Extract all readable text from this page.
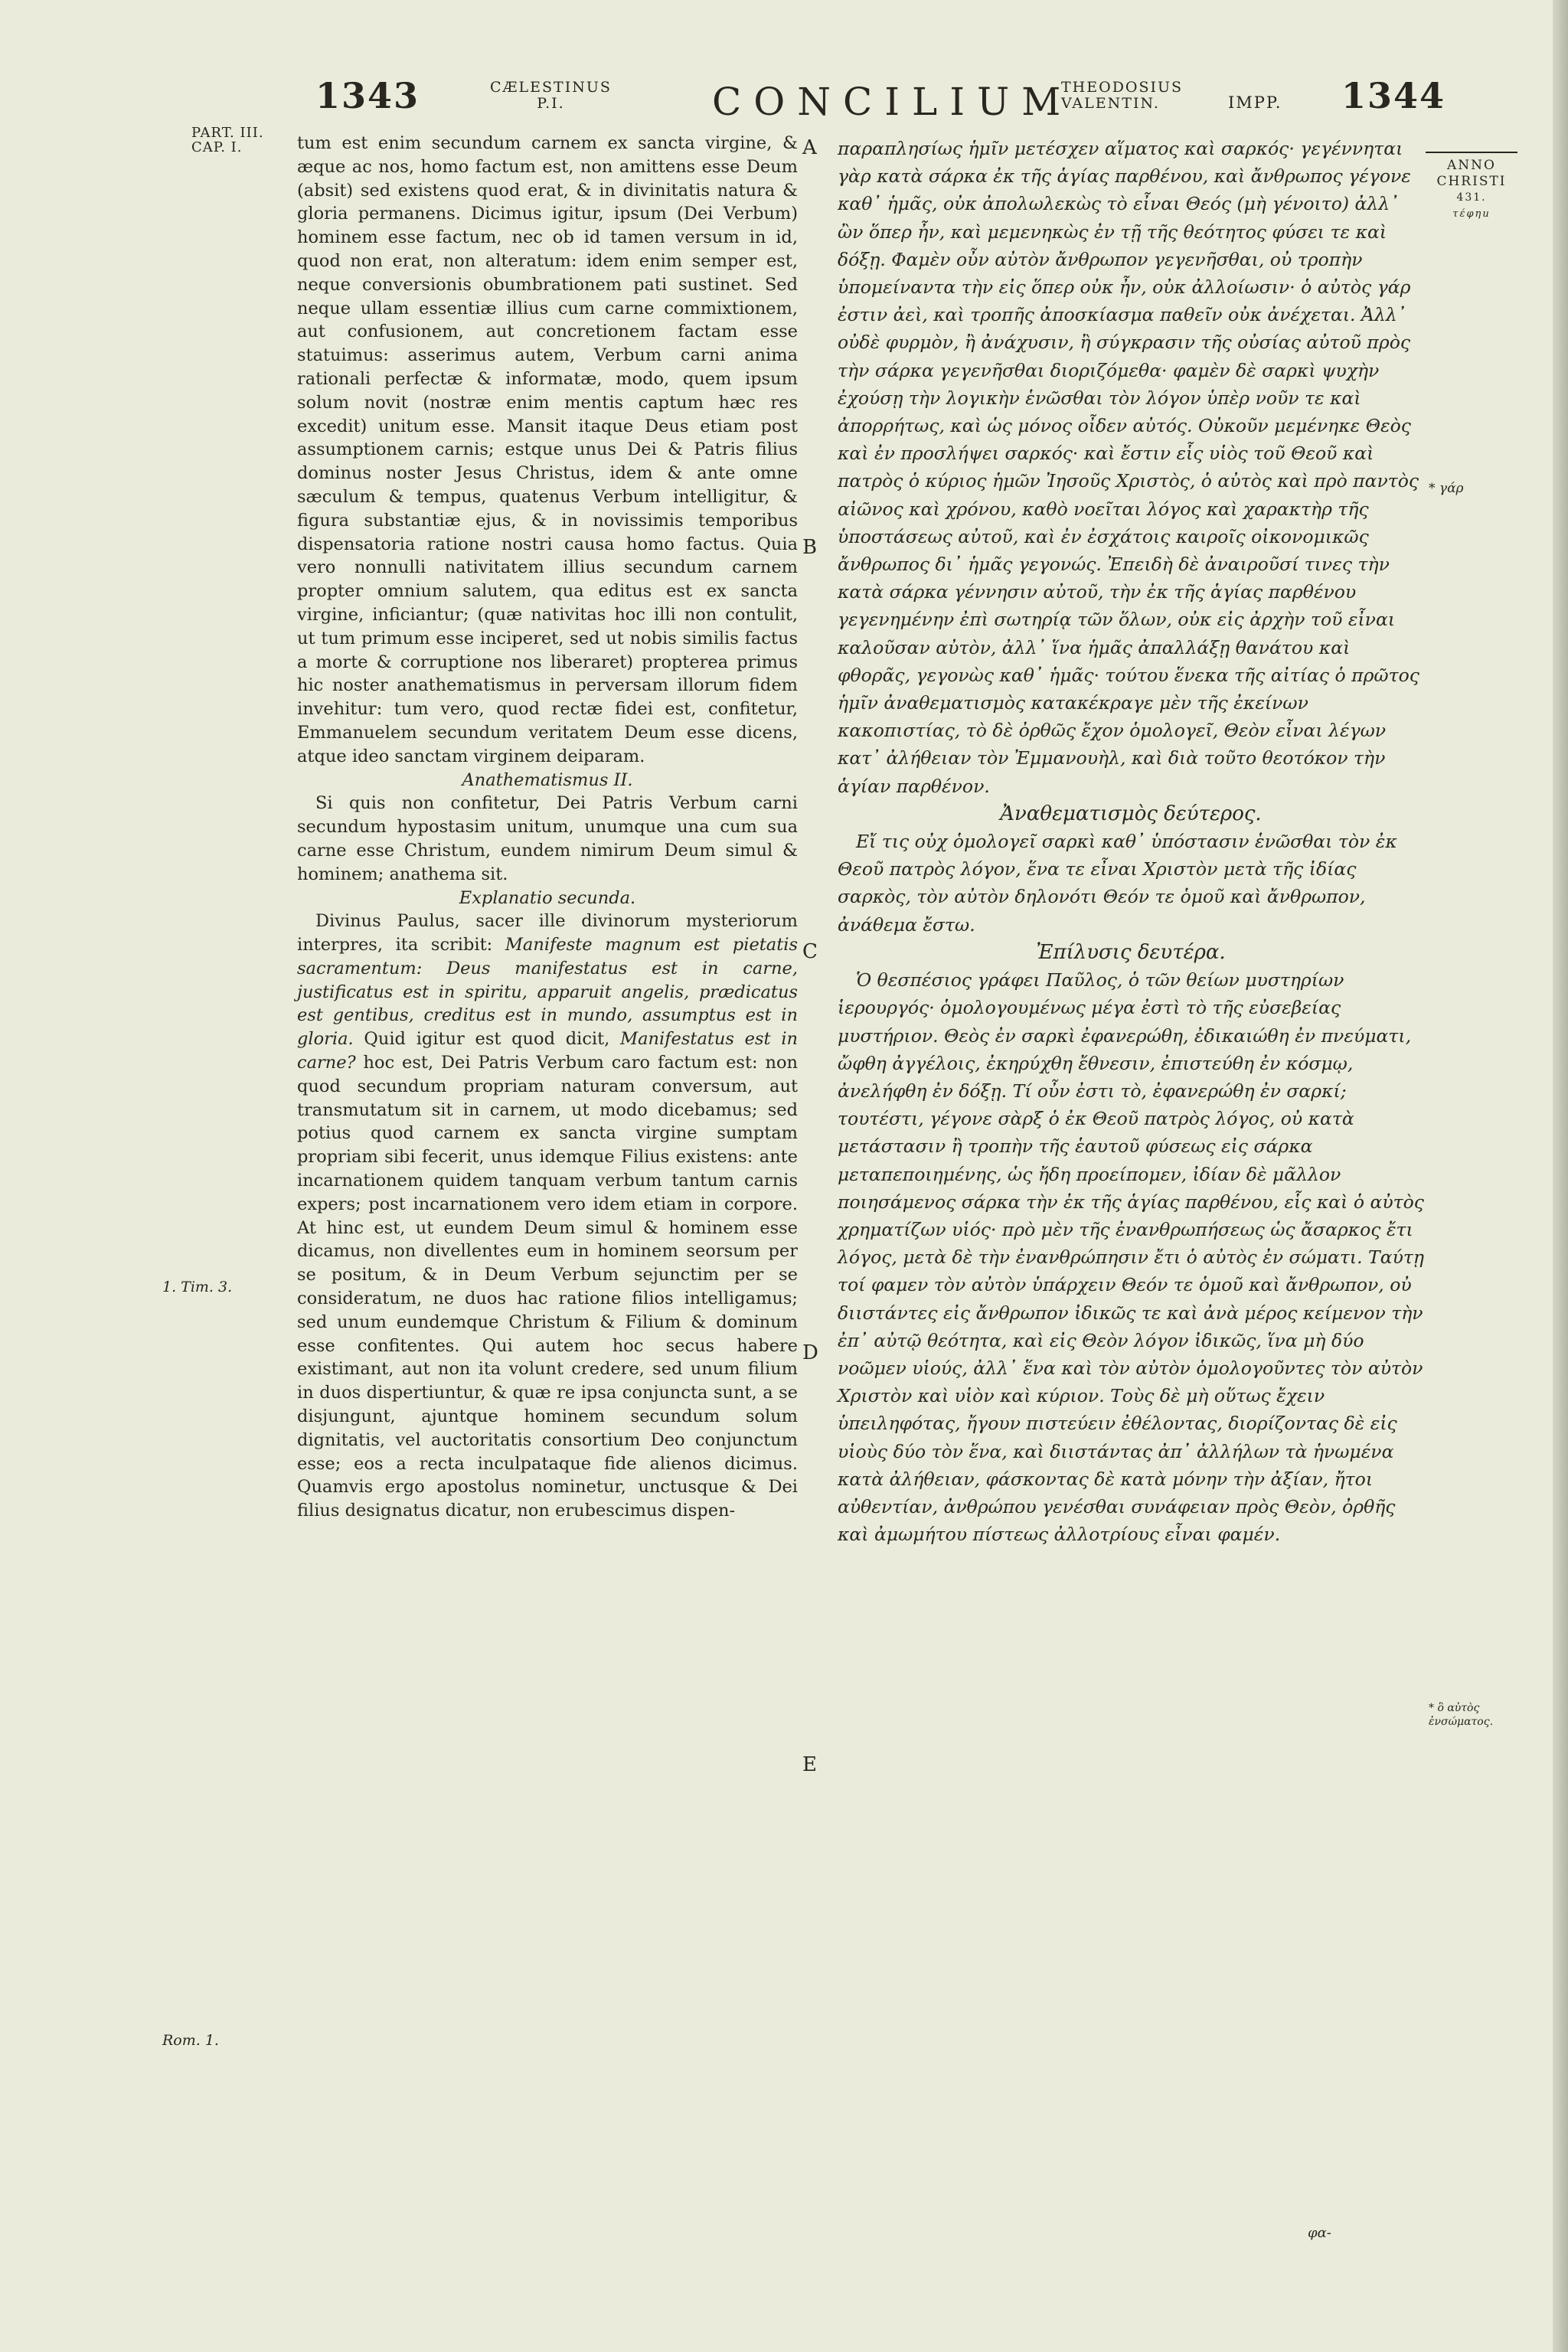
1343	CÆLESTINUS
P.I.	CONCILIUM
THEODOSIUS
VALENTIN.	IMPP. 1344
PART. III.
CAP. I.
1. Tim. 3.
Rom. 1.
ANNO
CHRISTI
431.
τέφηu
* γάρ
* ὃ αὐτὸς ἐνσώματος.
A
B
C
D
E

tum est enim secundum carnem ex sancta virgine, & æque ac nos, homo factum est, non amittens esse Deum (absit) sed existens quod erat, & in divinitatis natura & gloria permanens. Dicimus igitur, ipsum (Dei Verbum) hominem esse factum, nec ob id tamen versum in id, quod non erat, non alteratum: idem enim semper est, neque conversionis obumbrationem pati sustinet. Sed neque ullam essentiæ illius cum carne commixtionem, aut confusionem, aut concretionem factam esse statuimus: asserimus autem, Verbum carni anima rationali perfectæ & informatæ, modo, quem ipsum solum novit (nostræ enim mentis captum hæc res excedit) unitum esse. Mansit itaque Deus etiam post assumptionem carnis; estque unus Dei & Patris filius dominus noster Jesus Christus, idem & ante omne sæculum & tempus, quatenus Verbum intelligitur, & figura substantiæ ejus, & in novissimis temporibus dispensatoria ratione nostri causa homo factus. Quia vero nonnulli nativitatem illius secundum carnem propter omnium salutem, qua editus est ex sancta virgine, inficiantur; (quæ nativitas hoc illi non contulit, ut tum primum esse inciperet, sed ut nobis similis factus a morte & corruptione nos liberaret) propterea primus hic noster anathematismus in perversam illorum fidem invehitur: tum vero, quod rectæ fidei est, confitetur, Emmanuelem secundum veritatem Deum esse dicens, atque ideo sanctam virginem deiparam.

Anathematismus II.

Si quis non confitetur, Dei Patris Verbum carni secundum hypostasim unitum, unumque una cum sua carne esse Christum, eundem nimirum Deum simul & hominem; anathema sit.

Explanatio secunda.

Divinus Paulus, sacer ille divinorum mysteriorum interpres, ita scribit: Manifeste magnum est pietatis sacramentum: Deus manifestatus est in carne, justificatus est in spiritu, apparuit angelis, prædicatus est gentibus, creditus est in mundo, assumptus est in gloria. Quid igitur est quod dicit, Manifestatus est in carne? hoc est, Dei Patris Verbum caro factum est: non quod secundum propriam naturam conversum, aut transmutatum sit in carnem, ut modo dicebamus; sed potius quod carnem ex sancta virgine sumptam propriam sibi fecerit, unus idemque Filius existens: ante incarnationem quidem tanquam verbum tantum carnis expers; post incarnationem vero idem etiam in corpore. At hinc est, ut eundem Deum simul & hominem esse dicamus, non divellentes eum in hominem seorsum per se positum, & in Deum Verbum sejunctim per se consideratum, ne duos hac ratione filios intelligamus; sed unum eundemque Christum & Filium & dominum esse confitentes. Qui autem hoc secus habere existimant, aut non ita volunt credere, sed unum filium in duos dispertiuntur, & quæ re ipsa conjuncta sunt, a se disjungunt, ajuntque hominem secundum solum dignitatis, vel auctoritatis consortium Deo conjunctum esse; eos a recta inculpataque fide alienos dicimus. Quamvis ergo apostolus nominetur, unctusque & Dei filius designatus dicatur, non erubescimus dispen-

παραπλησίως ἡμῖν μετέσχεν αἵματος καὶ σαρκός· γεγέννηται γὰρ κατὰ σάρκα ἐκ τῆς ἁγίας παρθένου, καὶ ἄνθρωπος γέγονε καθ᾽ ἡμᾶς, οὐκ ἀπολωλεκὼς τὸ εἶναι Θεός (μὴ γένοιτο) ἀλλ᾽ ὢν ὅπερ ἦν, καὶ μεμενηκὼς ἐν τῇ τῆς θεότητος φύσει τε καὶ δόξῃ. Φαμὲν οὖν αὐτὸν ἄνθρωπον γεγενῆσθαι, οὐ τροπὴν ὑπομείναντα τὴν εἰς ὅπερ οὐκ ἦν, οὐκ ἀλλοίωσιν· ὁ αὐτὸς γάρ ἐστιν ἀεὶ, καὶ τροπῆς ἀποσκίασμα παθεῖν οὐκ ἀνέχεται. Ἀλλ᾽ οὐδὲ φυρμὸν, ἢ ἀνάχυσιν, ἢ σύγκρασιν τῆς οὐσίας αὐτοῦ πρὸς τὴν σάρκα γεγενῆσθαι διοριζόμεθα· φαμὲν δὲ σαρκὶ ψυχὴν ἐχούσῃ τὴν λογικὴν ἑνῶσθαι τὸν λόγον ὑπὲρ νοῦν τε καὶ ἀπορρήτως, καὶ ὡς μόνος οἶδεν αὐτός. Οὐκοῦν μεμένηκε Θεὸς καὶ ἐν προσλήψει σαρκός· καὶ ἔστιν εἷς υἱὸς τοῦ Θεοῦ καὶ πατρὸς ὁ κύριος ἡμῶν Ἰησοῦς Χριστὸς, ὁ αὐτὸς καὶ πρὸ παντὸς αἰῶνος καὶ χρόνου, καθὸ νοεῖται λόγος καὶ χαρακτὴρ τῆς ὑποστάσεως αὐτοῦ, καὶ ἐν ἐσχάτοις καιροῖς οἰκονομικῶς ἄνθρωπος δι᾽ ἡμᾶς γεγονώς. Ἐπειδὴ δὲ ἀναιροῦσί τινες τὴν κατὰ σάρκα γέννησιν αὐτοῦ, τὴν ἐκ τῆς ἁγίας παρθένου γεγενημένην ἐπὶ σωτηρίᾳ τῶν ὅλων, οὐκ εἰς ἀρχὴν τοῦ εἶναι καλοῦσαν αὐτὸν, ἀλλ᾽ ἵνα ἡμᾶς ἀπαλλάξῃ θανάτου καὶ φθορᾶς, γεγονὼς καθ᾽ ἡμᾶς· τούτου ἕνεκα τῆς αἰτίας ὁ πρῶτος ἡμῖν ἀναθεματισμὸς κατακέκραγε μὲν τῆς ἐκείνων κακοπιστίας, τὸ δὲ ὀρθῶς ἔχον ὁμολογεῖ, Θεὸν εἶναι λέγων κατ᾽ ἀλήθειαν τὸν Ἐμμανουὴλ, καὶ διὰ τοῦτο θεοτόκον τὴν ἁγίαν παρθένον.

Ἀναθεματισμὸς δεύτερος.

Εἴ τις οὐχ ὁμολογεῖ σαρκὶ καθ᾽ ὑπόστασιν ἑνῶσθαι τὸν ἐκ Θεοῦ πατρὸς λόγον, ἕνα τε εἶναι Χριστὸν μετὰ τῆς ἰδίας σαρκὸς, τὸν αὐτὸν δηλονότι Θεόν τε ὁμοῦ καὶ ἄνθρωπον, ἀνάθεμα ἔστω.

Ἐπίλυσις δευτέρα.

Ὁ θεσπέσιος γράφει Παῦλος, ὁ τῶν θείων μυστηρίων ἱερουργός· ὁμολογουμένως μέγα ἐστὶ τὸ τῆς εὐσεβείας μυστήριον. Θεὸς ἐν σαρκὶ ἐφανερώθη, ἐδικαιώθη ἐν πνεύματι, ὤφθη ἀγγέλοις, ἐκηρύχθη ἔθνεσιν, ἐπιστεύθη ἐν κόσμῳ, ἀνελήφθη ἐν δόξῃ. Τί οὖν ἐστι τὸ, ἐφανερώθη ἐν σαρκί; τουτέστι, γέγονε σὰρξ ὁ ἐκ Θεοῦ πατρὸς λόγος, οὐ κατὰ μετάστασιν ἢ τροπὴν τῆς ἑαυτοῦ φύσεως εἰς σάρκα μεταπεποιημένης, ὡς ἤδη προείπομεν, ἰδίαν δὲ μᾶλλον ποιησάμενος σάρκα τὴν ἐκ τῆς ἁγίας παρθένου, εἷς καὶ ὁ αὐτὸς χρηματίζων υἱός· πρὸ μὲν τῆς ἐνανθρωπήσεως ὡς ἄσαρκος ἔτι λόγος, μετὰ δὲ τὴν ἐνανθρώπησιν ἔτι ὁ αὐτὸς ἐν σώματι. Ταύτῃ τοί φαμεν τὸν αὐτὸν ὑπάρχειν Θεόν τε ὁμοῦ καὶ ἄνθρωπον, οὐ διιστάντες εἰς ἄνθρωπον ἰδικῶς τε καὶ ἀνὰ μέρος κείμενον τὴν ἐπ᾽ αὐτῷ θεότητα, καὶ εἰς Θεὸν λόγον ἰδικῶς, ἵνα μὴ δύο νοῶμεν υἱούς, ἀλλ᾽ ἕνα καὶ τὸν αὐτὸν ὁμολογοῦντες τὸν αὐτὸν Χριστὸν καὶ υἱὸν καὶ κύριον. Τοὺς δὲ μὴ οὕτως ἔχειν ὑπειληφότας, ἤγουν πιστεύειν ἐθέλοντας, διορίζοντας δὲ εἰς υἱοὺς δύο τὸν ἕνα, καὶ διιστάντας ἀπ᾽ ἀλλήλων τὰ ἡνωμένα κατὰ ἀλήθειαν, φάσκοντας δὲ κατὰ μόνην τὴν ἀξίαν, ἤτοι αὐθεντίαν, ἀνθρώπου γενέσθαι συνάφειαν πρὸς Θεὸν, ὀρθῆς καὶ ἀμωμήτου πίστεως ἀλλοτρίους εἶναι φαμέν.

φα-
